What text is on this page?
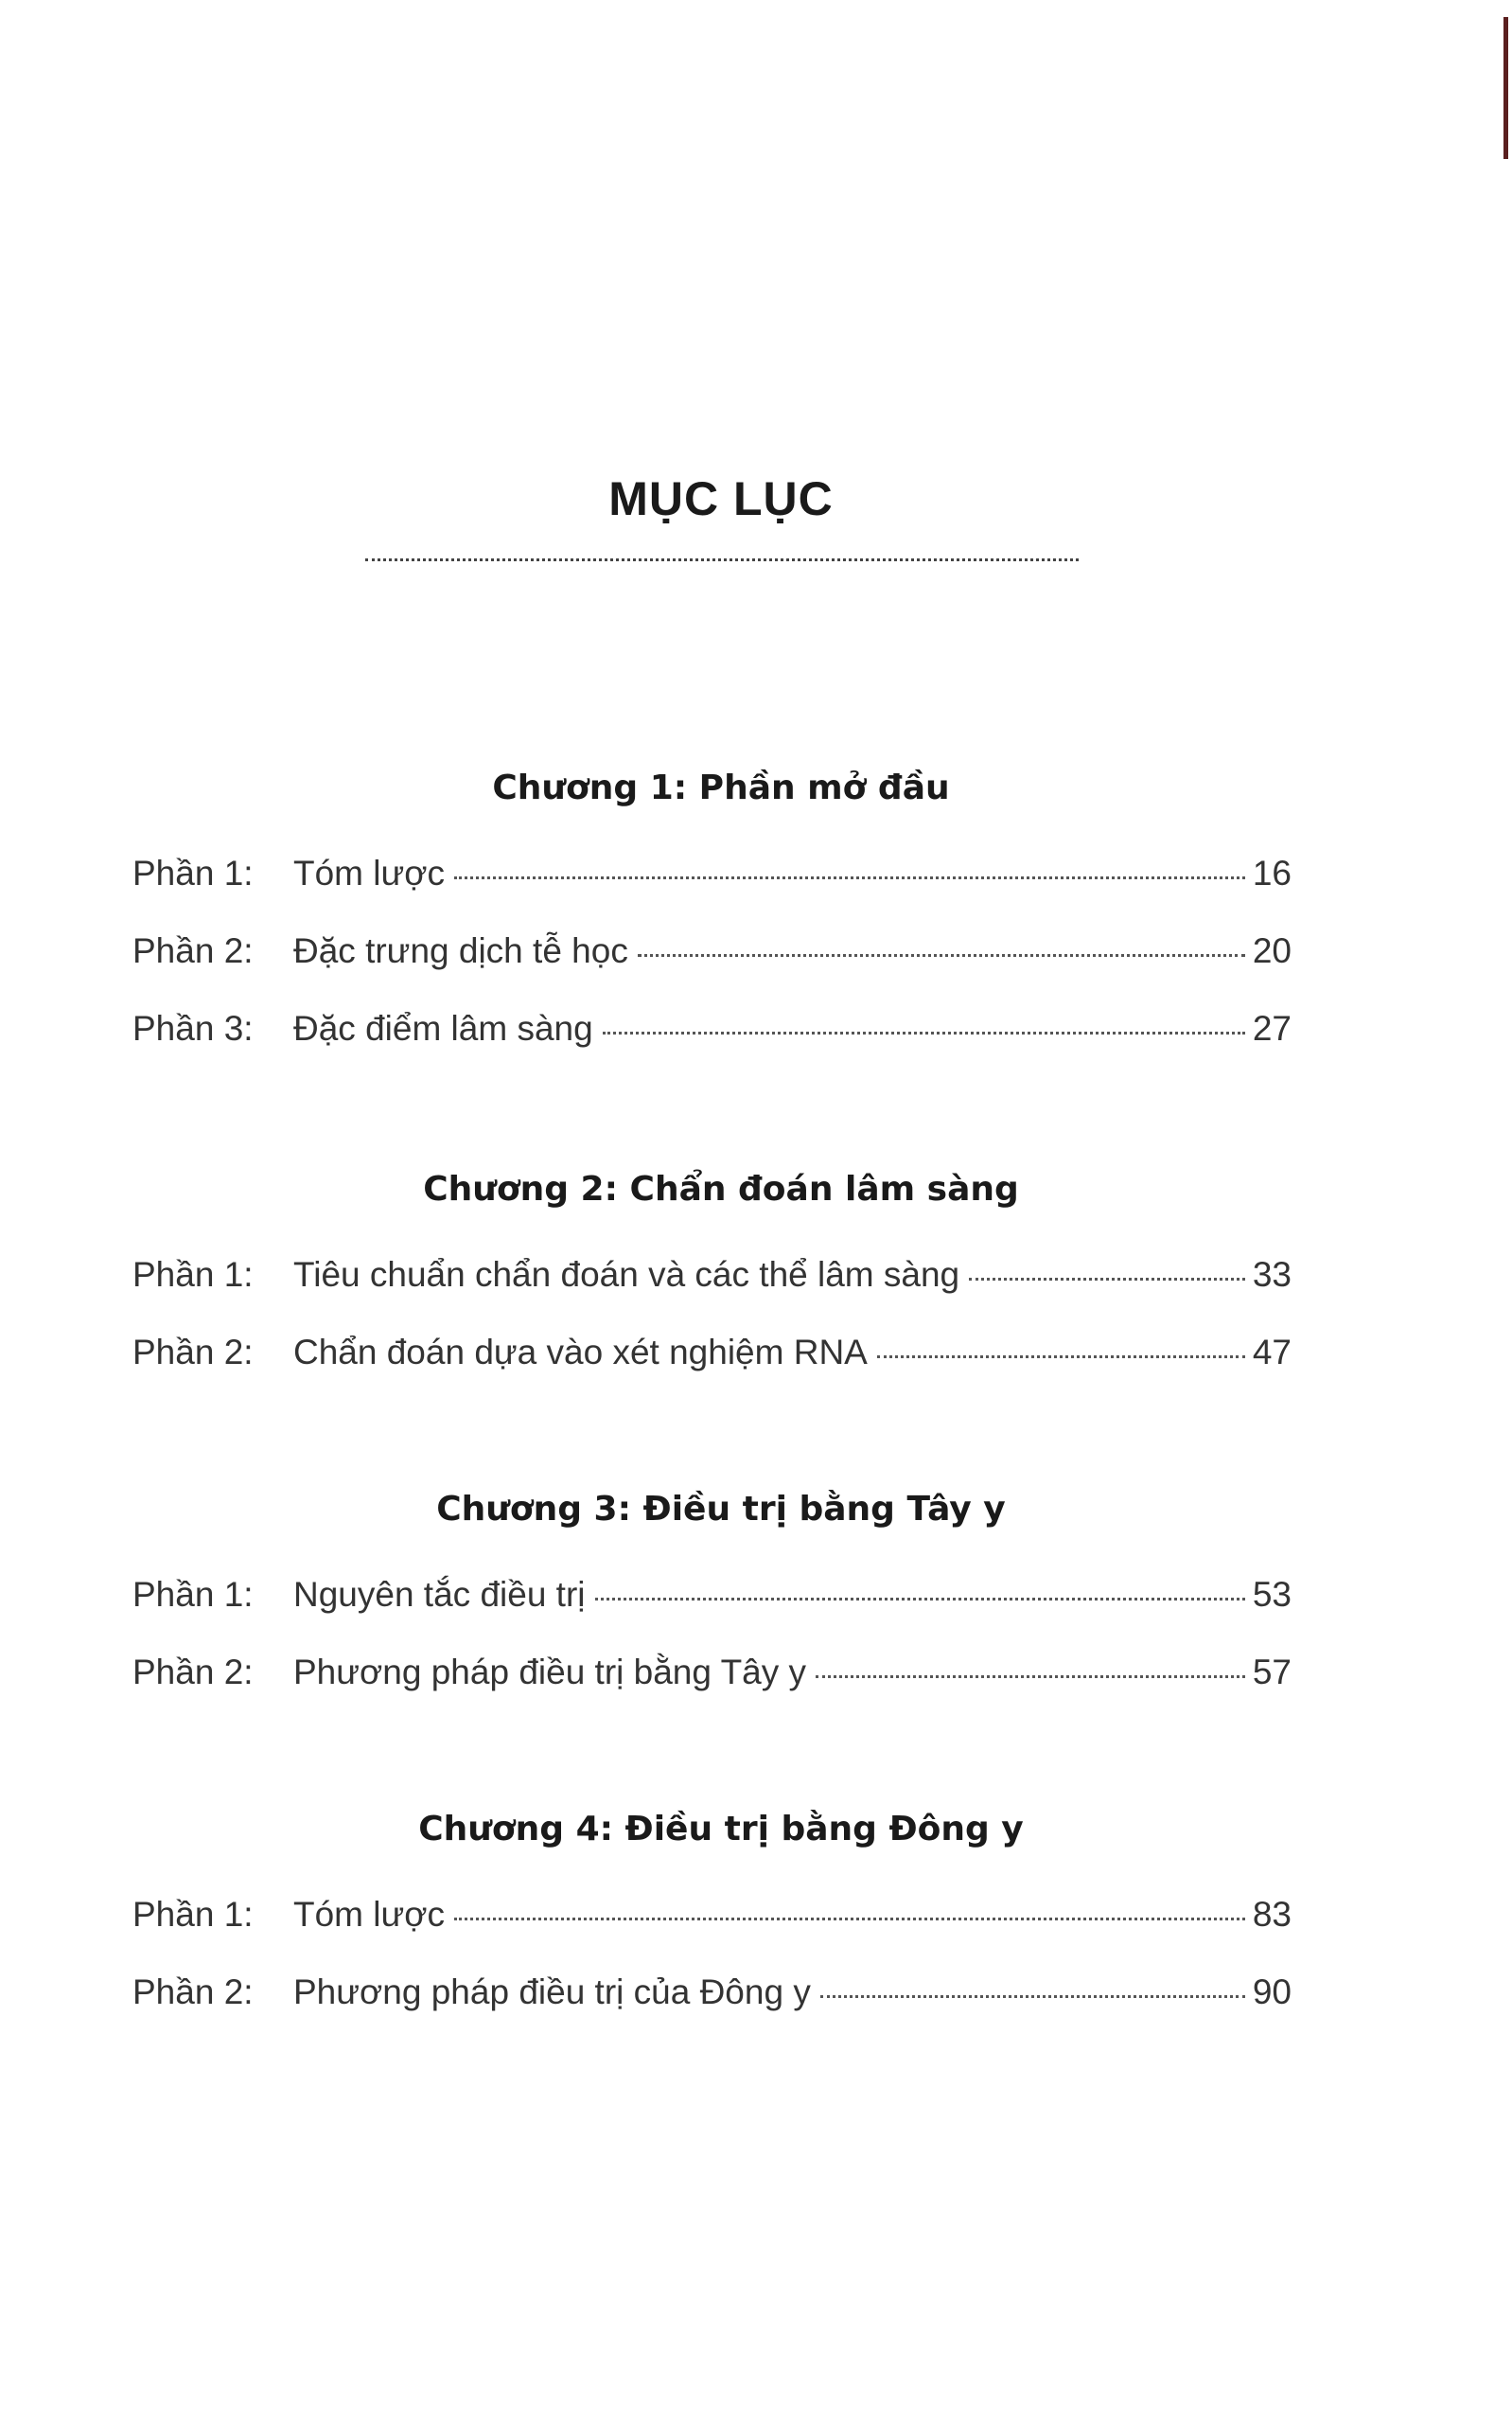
MỤC LỤC
Chương 1: Phần mở đầu
Phần 1:	Tóm lược	16
Phần 2:	Đặc trưng dịch tễ học	20
Phần 3:	Đặc điểm lâm sàng	27
Chương 2: Chẩn đoán lâm sàng
Phần 1:	Tiêu chuẩn chẩn đoán và các thể lâm sàng	33
Phần 2:	Chẩn đoán dựa vào xét nghiệm RNA	47
Chương 3: Điều trị bằng Tây y
Phần 1:	Nguyên tắc điều trị	53
Phần 2:	Phương pháp điều trị bằng Tây y	57
Chương 4: Điều trị bằng Đông y
Phần 1:	Tóm lược	83
Phần 2:	Phương pháp điều trị của Đông y	90
